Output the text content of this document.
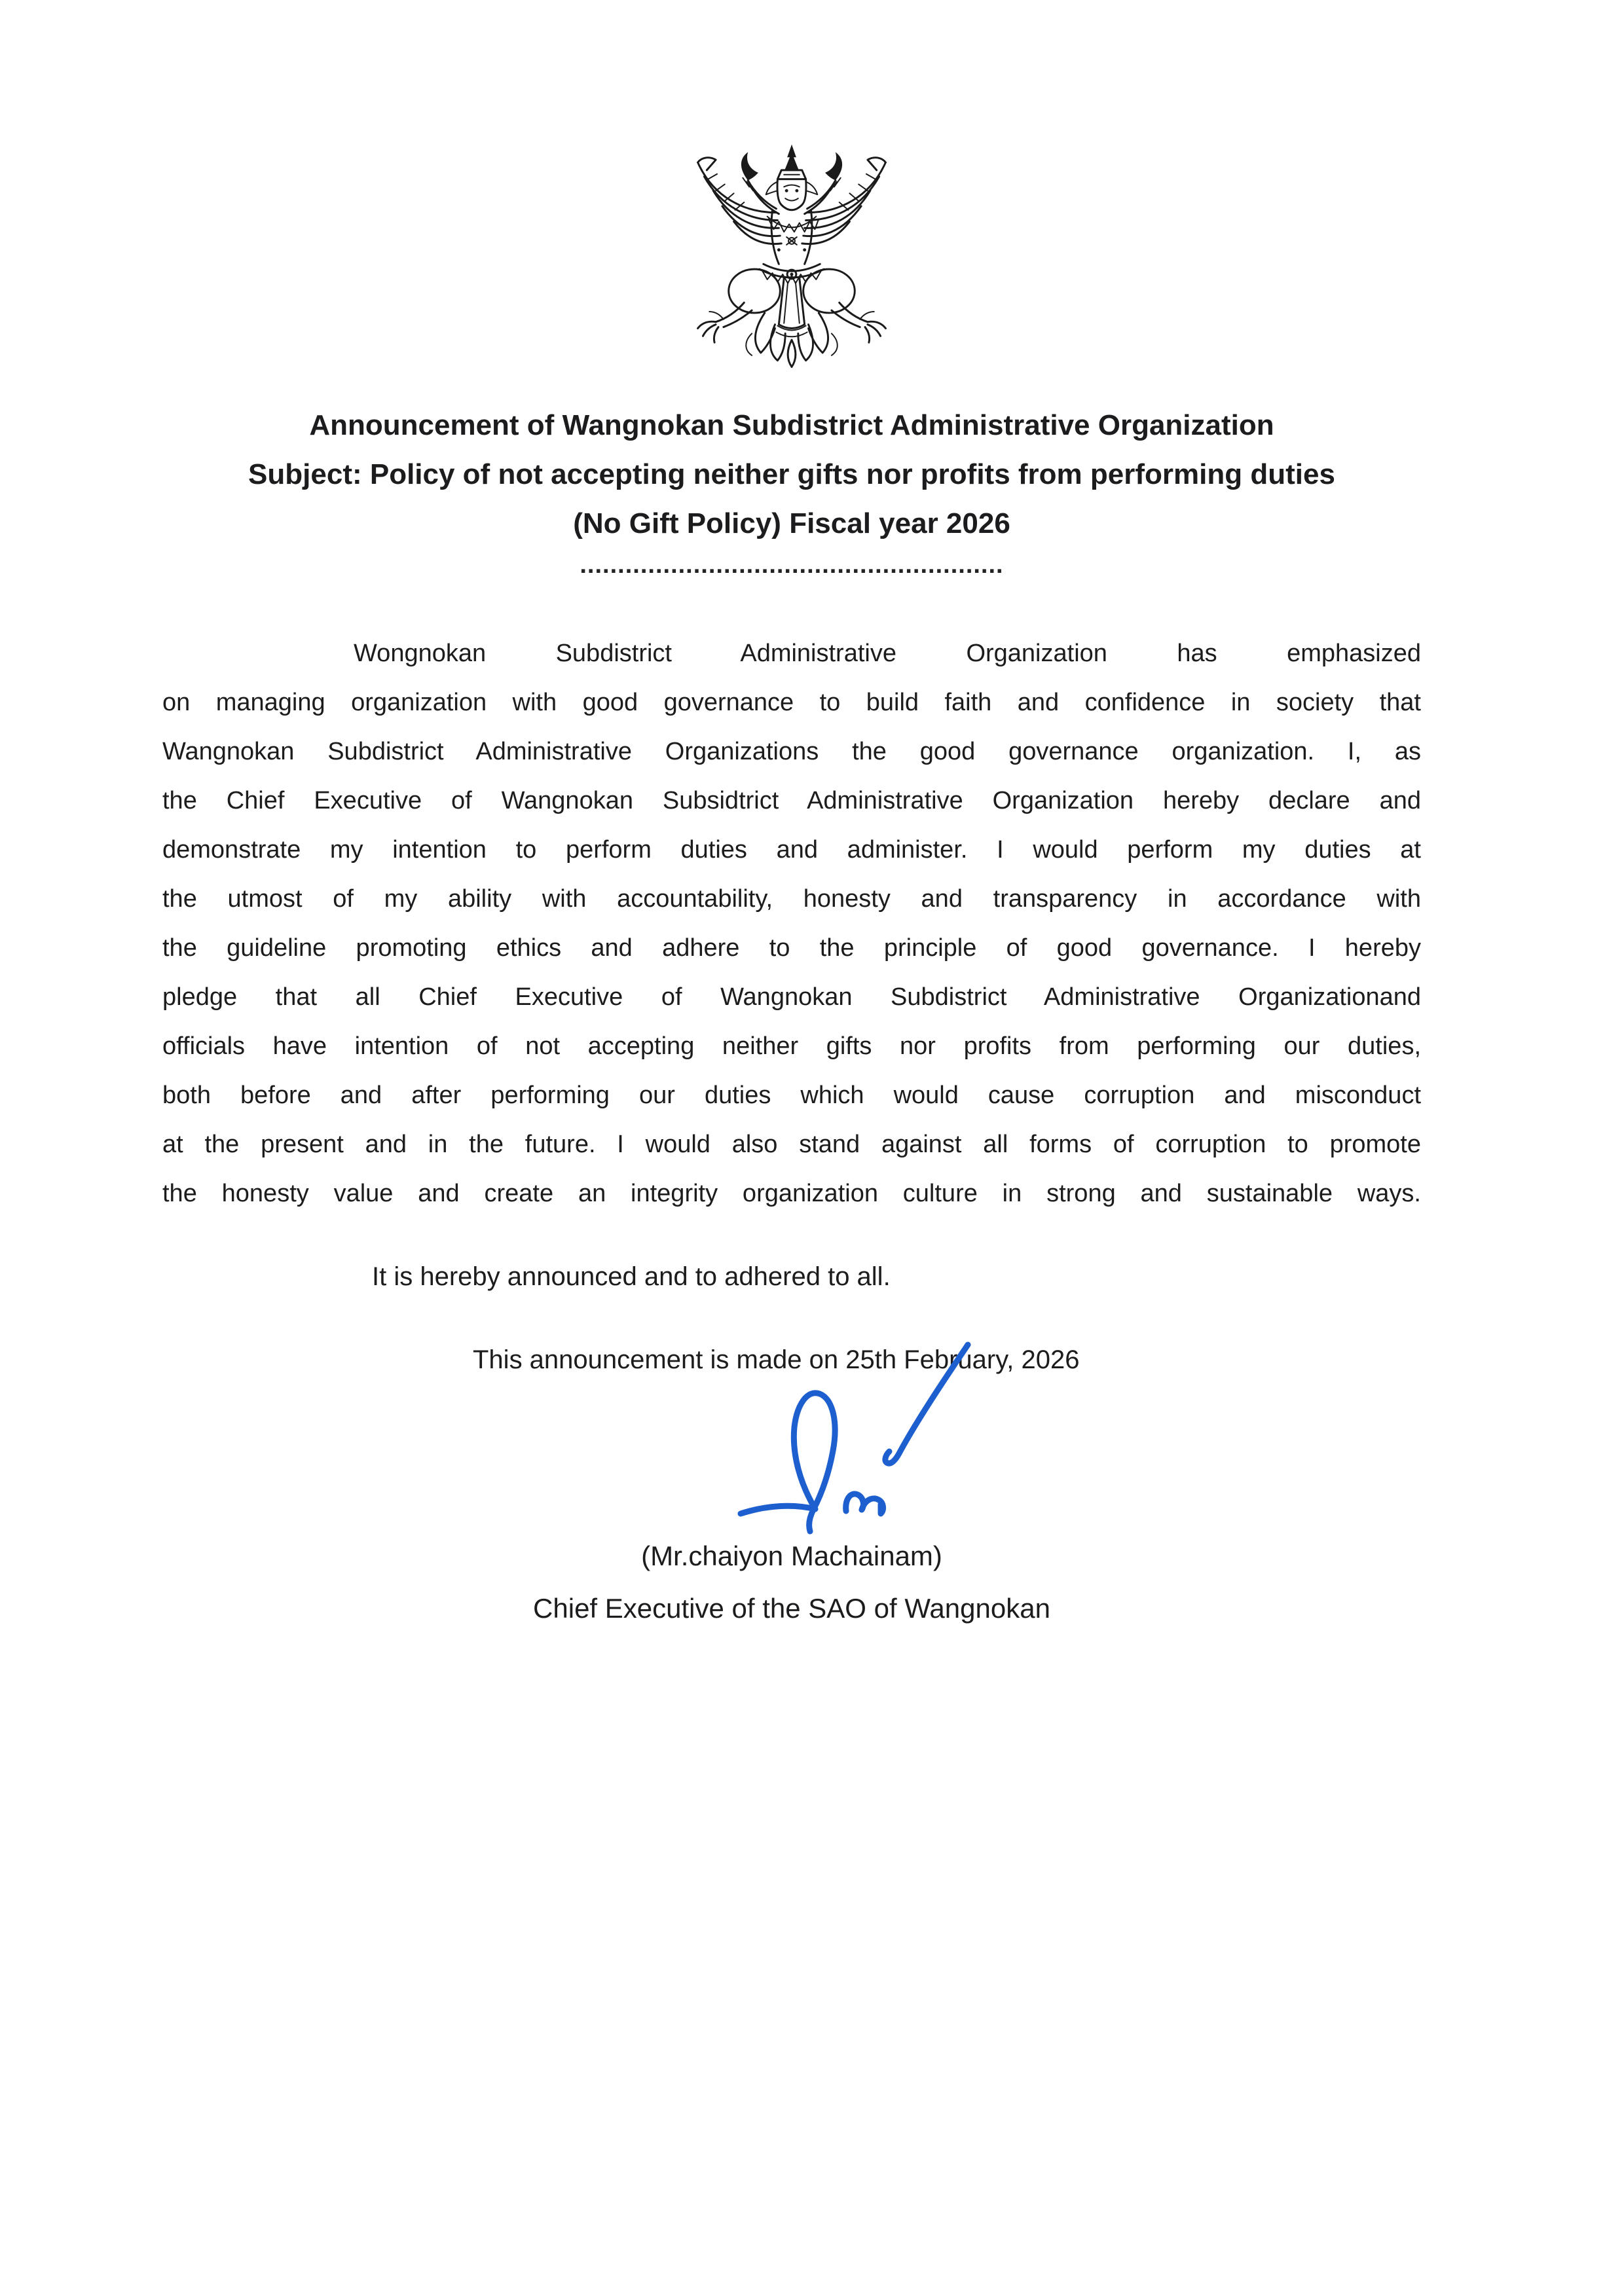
Announcement of Wangnokan Subdistrict Administrative Organization
Subject: Policy of not accepting neither gifts nor profits from performing duties
(No Gift Policy) Fiscal year 2026
........................................................
Wongnokan Subdistrict Administrative Organization has emphasized
on managing organization with good governance to build faith and confidence in society that
Wangnokan Subdistrict Administrative Organizations the good governance organization. I, as
the Chief Executive of Wangnokan Subsidtrict Administrative Organization hereby declare and
demonstrate my intention to perform duties and administer. I would perform my duties at
the utmost of my ability with accountability, honesty and transparency in accordance with
the guideline promoting ethics and adhere to the principle of good governance. I hereby
pledge that all Chief Executive of Wangnokan Subdistrict Administrative Organizationand
officials have intention of not accepting neither gifts nor profits from performing our duties,
both before and after performing our duties which would cause corruption and misconduct
at the present and in the future. I would also stand against all forms of corruption to promote
the honesty value and create an integrity organization culture in strong and sustainable ways.
It is hereby announced and to adhered to all.
This announcement is made on 25th February, 2026
(Mr.chaiyon Machainam)
Chief Executive of the SAO of Wangnokan
